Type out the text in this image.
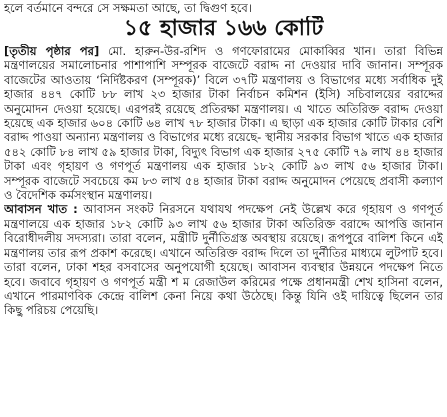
হলে বর্তমানে বন্দরে সে সক্ষমতা আছে, তা দ্বিগুণ হবে।

১৫ হাজার ১৬৬ কোটি

[তৃতীয় পৃষ্ঠার পর] মো. হারুন-উর-রশিদ ও গণফোরামের মোকাব্বির খান। তারা বিভিন্ন মন্ত্রণালয়ের সমালোচনার পাশাপাশি সম্পূরক বাজেটে বরাদ্দ না দেওয়ার দাবি জানান। সম্পূরক বাজেটের আওতায় ‘নির্দিষ্টকরণ (সম্পূরক)’ বিলে ৩৭টি মন্ত্রণালয় ও বিভাগের মধ্যে সর্বাধিক দুই হাজার ৪৪৭ কোটি ৮৮ লাখ ২৩ হাজার টাকা নির্বাচন কমিশন (ইসি) সচিবালয়ের বরাদ্দের অনুমোদন দেওয়া হয়েছে। এরপরই রয়েছে প্রতিরক্ষা মন্ত্রণালয়। এ খাতে অতিরিক্ত বরাদ্দ দেওয়া হয়েছে এক হাজার ৬০৪ কোটি ৬৪ লাখ ৭৮ হাজার টাকা। এ ছাড়া এক হাজার কোটি টাকার বেশি বরাদ্দ পাওয়া অন্যান্য মন্ত্রণালয় ও বিভাগের মধ্যে রয়েছে- স্থানীয় সরকার বিভাগ খাতে এক হাজার ৫৪২ কোটি ৮৪ লাখ ৫৯ হাজার টাকা, বিদ্যুৎ বিভাগ এক হাজার ২৭৫ কোটি ৭৯ লাখ ৪৪ হাজার টাকা এবং গৃহায়ণ ও গণপূর্ত মন্ত্রণালয় এক হাজার ১৮২ কোটি ৯৩ লাখ ৫৬ হাজার টাকা। সম্পূরক বাজেটে সবচেয়ে কম ৮৩ লাখ ৫৪ হাজার টাকা বরাদ্দ অনুমোদন পেয়েছে প্রবাসী কল্যাণ ও বৈদেশিক কর্মসংস্থান মন্ত্রণালয়।

আবাসন খাত : আবাসন সংকট নিরসনে যথাযথ পদক্ষেপ নেই উল্লেখ করে গৃহায়ণ ও গণপূর্ত মন্ত্রণালয়ে এক হাজার ১৮২ কোটি ৯৩ লাখ ৫৬ হাজার টাকা অতিরিক্ত বরাদ্দে আপত্তি জানান বিরোধীদলীয় সদস্যরা। তারা বলেন, মন্ত্রীটি দুর্নীতিগ্রস্ত অবস্থায় রয়েছে। রূপপুরে বালিশ কিনে এই মন্ত্রণালয় তার রূপ প্রকাশ করেছে। এখানে অতিরিক্ত বরাদ্দ দিলে তা দুর্নীতির মাধ্যমে লুটপাট হবে। তারা বলেন, ঢাকা শহর বসবাসের অনুপযোগী হয়েছে। আবাসন ব্যবস্থার উন্নয়নে পদক্ষেপ নিতে হবে। জবাবে গৃহায়ণ ও গণপূর্ত মন্ত্রী শ ম রেজাউল করিমের পক্ষে প্রধানমন্ত্রী শেখ হাসিনা বলেন, এখানে পারমাণবিক কেন্দ্রে বালিশ কেনা নিয়ে কথা উঠেছে। কিন্তু যিনি ওই দায়িত্বে ছিলেন তার কিছু পরিচয় পেয়েছি।
